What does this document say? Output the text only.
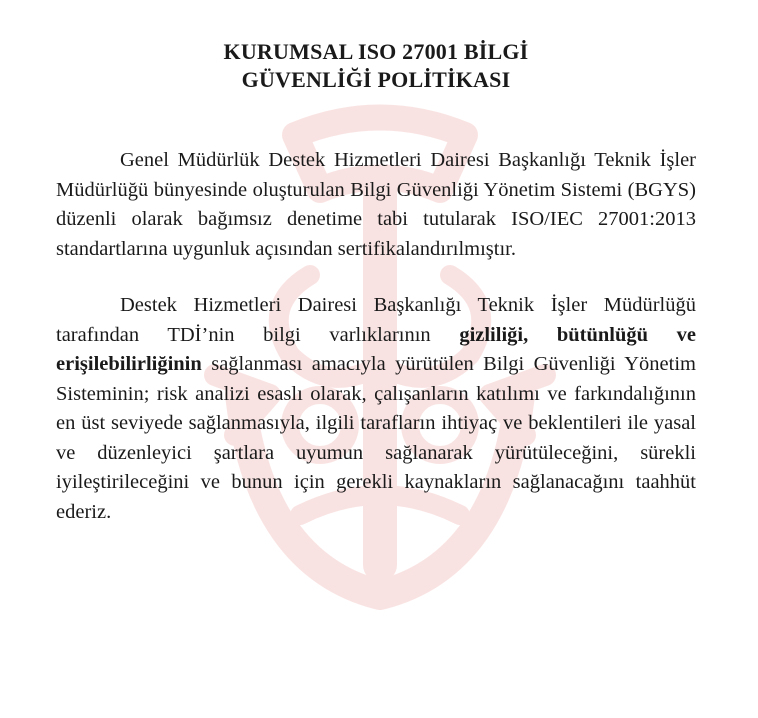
KURUMSAL ISO 27001 BİLGİ
GÜVENLİĞİ POLİTİKASI

Genel Müdürlük Destek Hizmetleri Dairesi Başkanlığı Teknik İşler Müdürlüğü bünyesinde oluşturulan Bilgi Güvenliği Yönetim Sistemi (BGYS) düzenli olarak bağımsız denetime tabi tutularak ISO/IEC 27001:2013 standartlarına uygunluk açısından sertifikalandırılmıştır.

Destek Hizmetleri Dairesi Başkanlığı Teknik İşler Müdürlüğü tarafından TDİ’nin bilgi varlıklarının gizliliği, bütünlüğü ve erişilebilirliğinin sağlanması amacıyla yürütülen Bilgi Güvenliği Yönetim Sisteminin; risk analizi esaslı olarak, çalışanların katılımı ve farkındalığının en üst seviyede sağlanmasıyla, ilgili tarafların ihtiyaç ve beklentileri ile yasal ve düzenleyici şartlara uyumun sağlanarak yürütüleceğini, sürekli iyileştirileceğini ve bunun için gerekli kaynakların sağlanacağını taahhüt ederiz.
